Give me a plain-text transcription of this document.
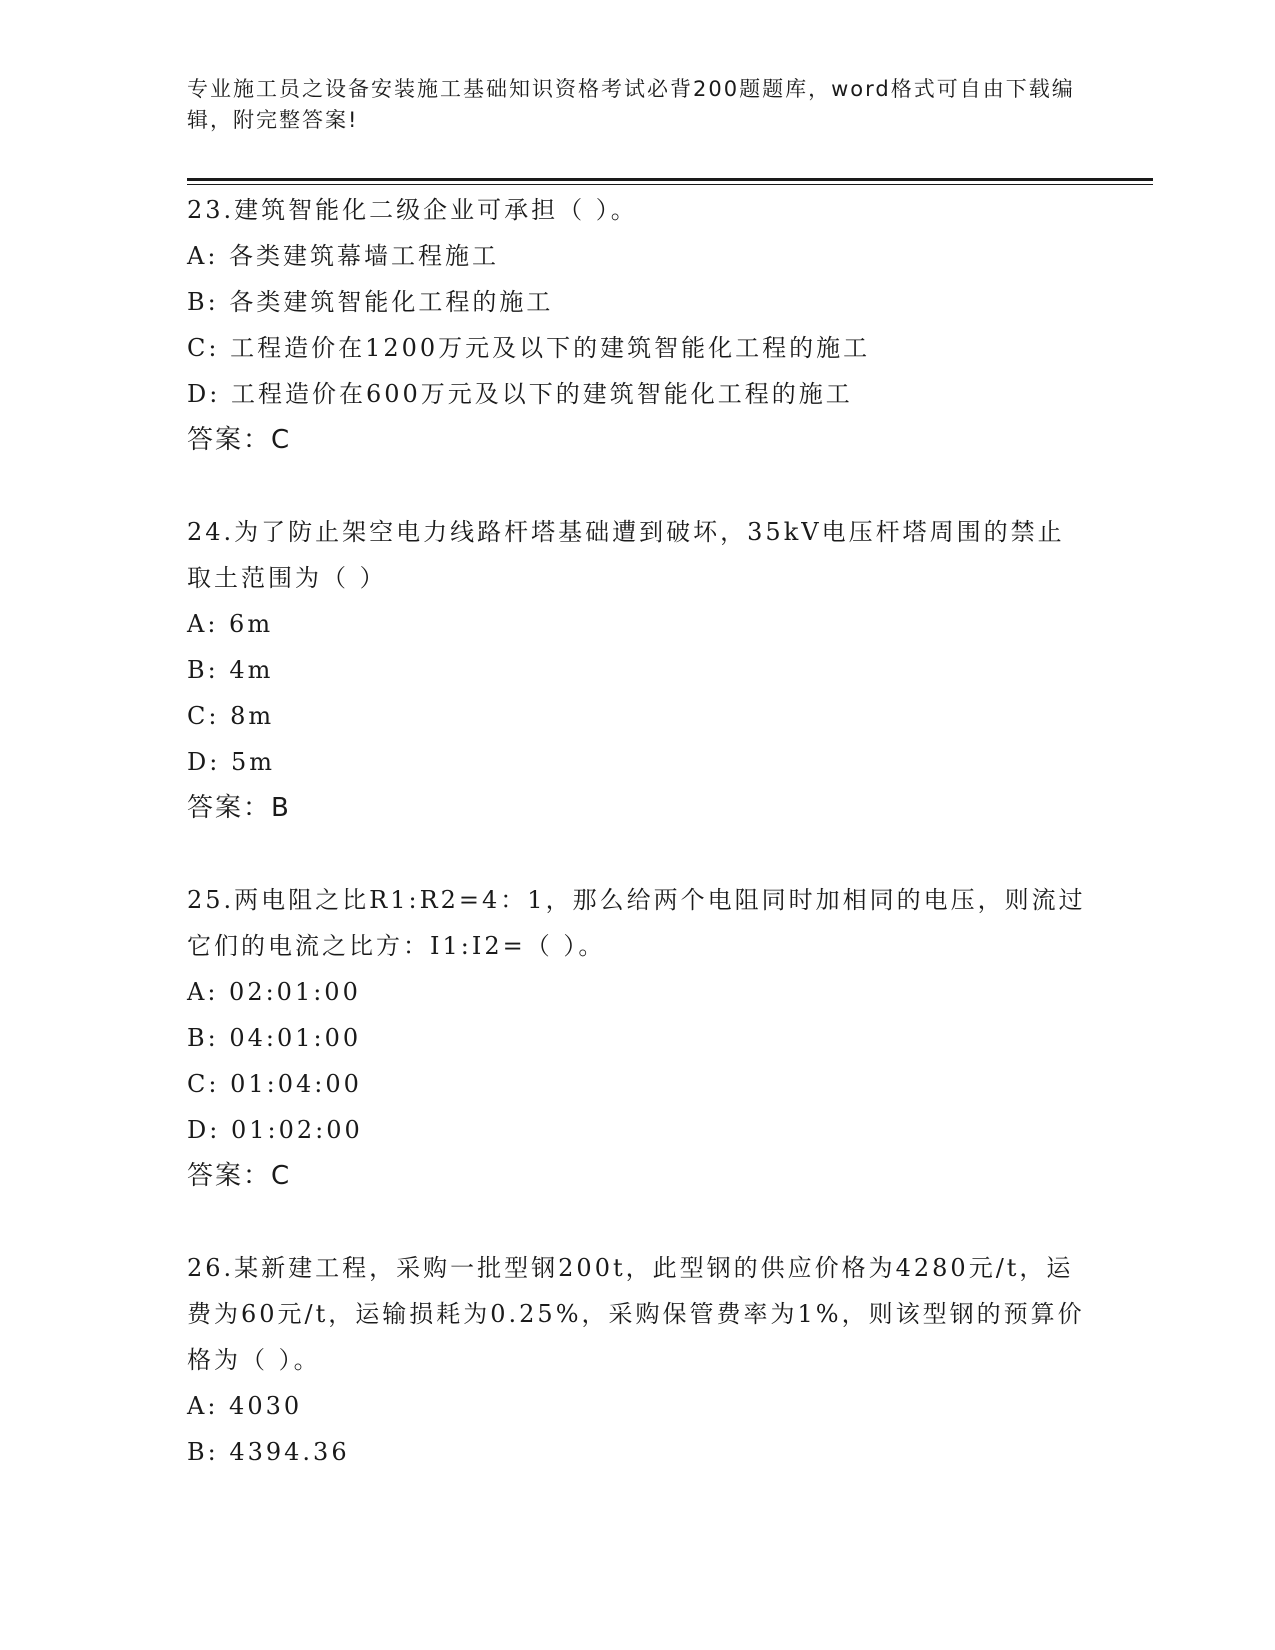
专业施工员之设备安装施工基础知识资格考试必背200题题库，word格式可自由下载编辑，附完整答案!

23.建筑智能化二级企业可承担（ ）。

A: 各类建筑幕墙工程施工

B: 各类建筑智能化工程的施工

C: 工程造价在1200万元及以下的建筑智能化工程的施工

D: 工程造价在600万元及以下的建筑智能化工程的施工

答案：C

24.为了防止架空电力线路杆塔基础遭到破坏，35kV电压杆塔周围的禁止取土范围为（ ）

A: 6m

B: 4m

C: 8m

D: 5m

答案：B

25.两电阻之比R1:R2=4：1，那么给两个电阻同时加相同的电压，则流过它们的电流之比方：I1:I2=（ ）。

A: 02:01:00

B: 04:01:00

C: 01:04:00

D: 01:02:00

答案：C

26.某新建工程，采购一批型钢200t，此型钢的供应价格为4280元/t，运费为60元/t，运输损耗为0.25%，采购保管费率为1%，则该型钢的预算价格为（ ）。

A: 4030

B: 4394.36
